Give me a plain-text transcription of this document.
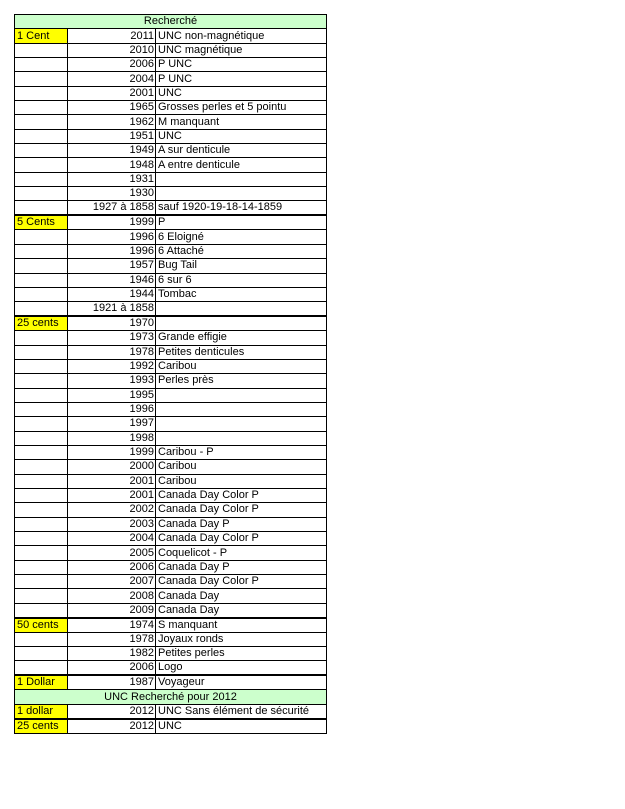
Recherché		
1 Cent	2011	UNC non-magnétique
	2010	UNC magnétique
	2006	P UNC
	2004	P UNC
	2001	UNC
	1965	Grosses perles et 5 pointu
	1962	M manquant
	1951	UNC
	1949	A sur denticule
	1948	A entre denticule
	1931	
	1930	
	1927 à 1858	sauf 1920-19-18-14-1859
5 Cents	1999	P
	1996	6 Eloigné
	1996	6 Attaché
	1957	Bug Tail
	1946	6 sur 6
	1944	Tombac
	1921 à 1858	
25 cents	1970	
	1973	Grande effigie
	1978	Petites denticules
	1992	Caribou
	1993	Perles près
	1995	
	1996	
	1997	
	1998	
	1999	Caribou - P
	2000	Caribou
	2001	Caribou
	2001	Canada Day Color P
	2002	Canada Day Color P
	2003	Canada Day P
	2004	Canada Day Color P
	2005	Coquelicot - P
	2006	Canada Day P
	2007	Canada Day Color P
	2008	Canada Day
	2009	Canada Day
50 cents	1974	S manquant
	1978	Joyaux ronds
	1982	Petites perles
	2006	Logo
1 Dollar	1987	Voyageur
UNC Recherché pour 2012		
1 dollar	2012	UNC Sans élément de sécurité
25 cents	2012	UNC
